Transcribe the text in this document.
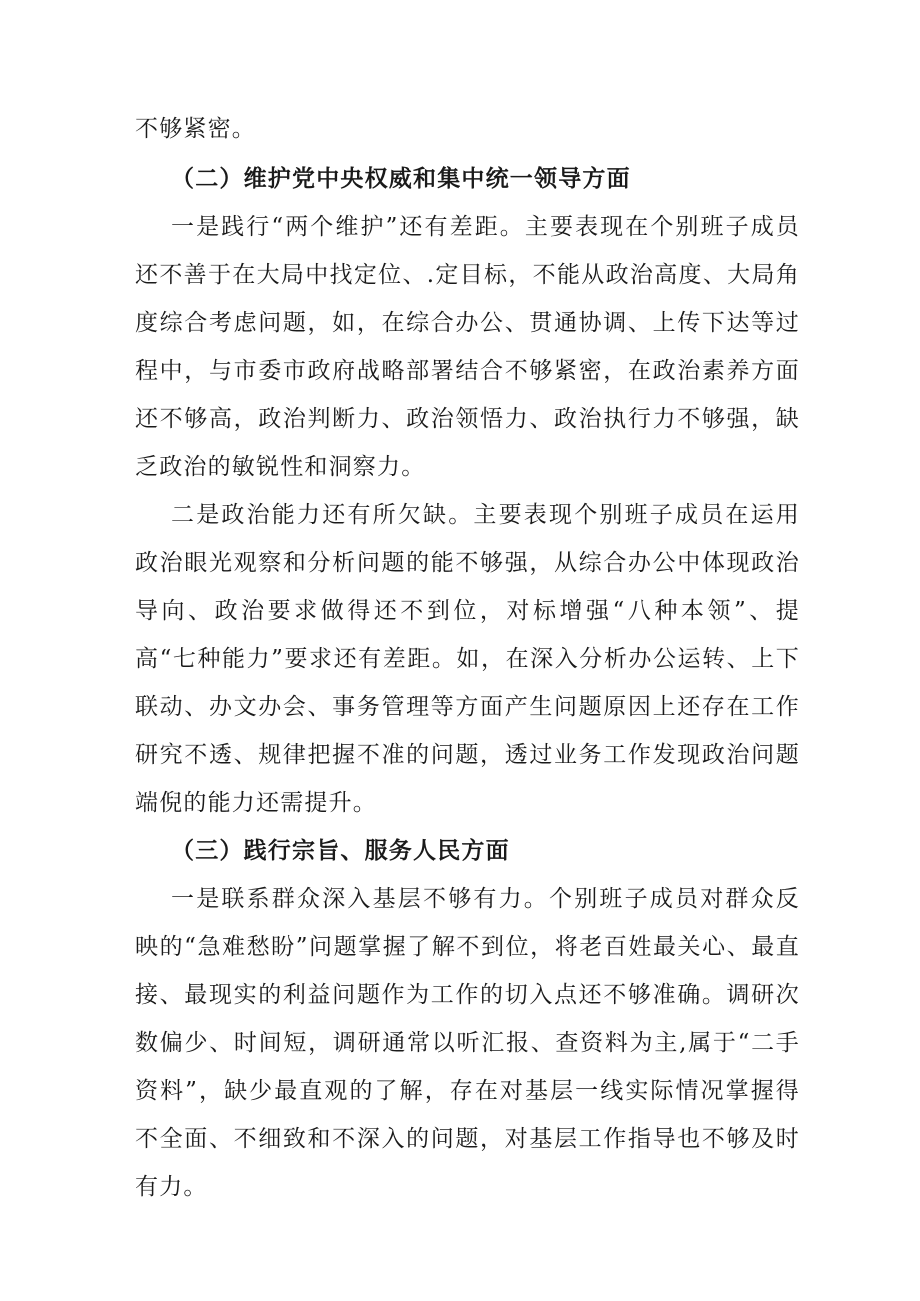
不够紧密。

（二）维护党中央权威和集中统一领导方面

一是践行“两个维护”还有差距。主要表现在个别班子成员还不善于在大局中找定位、.定目标，不能从政治高度、大局角度综合考虑问题，如，在综合办公、贯通协调、上传下达等过程中，与市委市政府战略部署结合不够紧密，在政治素养方面还不够高，政治判断力、政治领悟力、政治执行力不够强，缺乏政治的敏锐性和洞察力。

二是政治能力还有所欠缺。主要表现个别班子成员在运用政治眼光观察和分析问题的能不够强，从综合办公中体现政治导向、政治要求做得还不到位，对标增强“八种本领”、提高“七种能力”要求还有差距。如，在深入分析办公运转、上下联动、办文办会、事务管理等方面产生问题原因上还存在工作研究不透、规律把握不准的问题，透过业务工作发现政治问题端倪的能力还需提升。

（三）践行宗旨、服务人民方面

一是联系群众深入基层不够有力。个别班子成员对群众反映的“急难愁盼”问题掌握了解不到位，将老百姓最关心、最直接、最现实的利益问题作为工作的切入点还不够准确。调研次数偏少、时间短，调研通常以听汇报、查资料为主,属于“二手资料”，缺少最直观的了解，存在对基层一线实际情况掌握得不全面、不细致和不深入的问题，对基层工作指导也不够及时有力。
